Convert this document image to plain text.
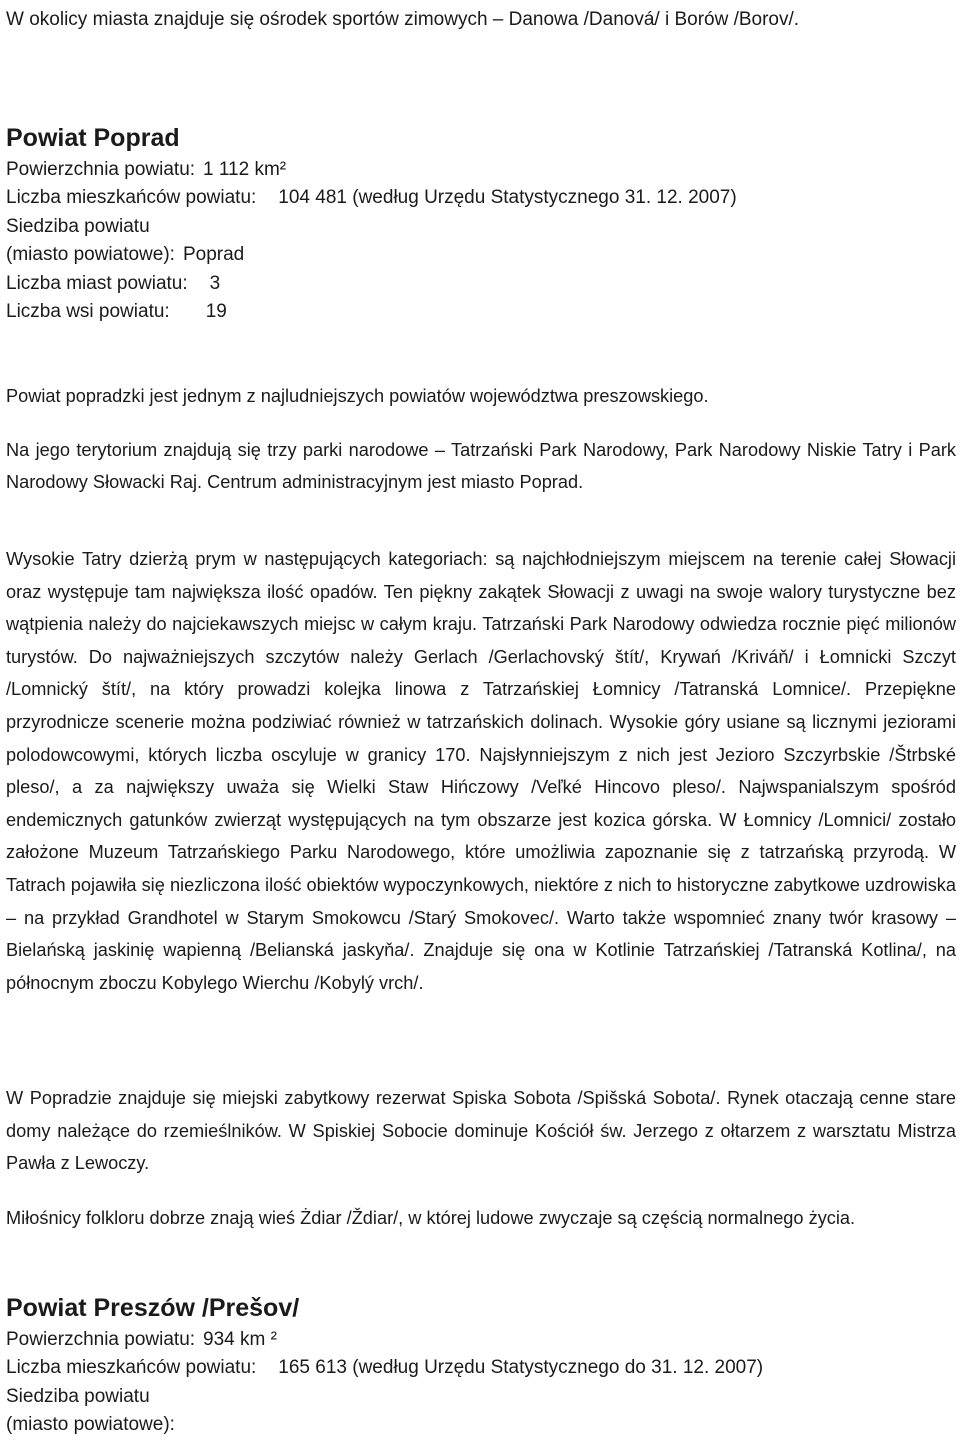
W okolicy miasta znajduje się ośrodek sportów zimowych – Danowa /Danová/ i Borów /Borov/.
Powiat Poprad
Powierzchnia powiatu: 1 112 km²
Liczba mieszkańców powiatu: 104 481 (według Urzędu Statystycznego 31. 12. 2007)
Siedziba powiatu
(miasto powiatowe): Poprad
Liczba miast powiatu: 3
Liczba wsi powiatu: 19
Powiat popradzki jest jednym z najludniejszych powiatów województwa preszowskiego.
Na jego terytorium znajdują się trzy parki narodowe – Tatrzański Park Narodowy, Park Narodowy Niskie Tatry i Park Narodowy Słowacki Raj. Centrum administracyjnym jest miasto Poprad.
Wysokie Tatry dzierżą prym w następujących kategoriach: są najchłodniejszym miejscem na terenie całej Słowacji oraz występuje tam największa ilość opadów. Ten piękny zakątek Słowacji z uwagi na swoje walory turystyczne bez wątpienia należy do najciekawszych miejsc w całym kraju. Tatrzański Park Narodowy odwiedza rocznie pięć milionów turystów. Do najważniejszych szczytów należy Gerlach /Gerlachovský štít/, Krywań /Kriváň/ i Łomnicki Szczyt /Lomnický štít/, na który prowadzi kolejka linowa z Tatrzańskiej Łomnicy /Tatranská Lomnice/. Przepiękne przyrodnicze scenerie można podziwiać również w tatrzańskich dolinach. Wysokie góry usiane są licznymi jeziorami polodowcowymi, których liczba oscyluje w granicy 170. Najsłynniejszym z nich jest Jezioro Szczyrbskie /Štrbské pleso/, a za największy uważa się Wielki Staw Hińczowy /Veľké Hincovo pleso/. Najwspanialszym spośród endemicznych gatunków zwierząt występujących na tym obszarze jest kozica górska. W Łomnicy /Lomnici/ zostało założone Muzeum Tatrzańskiego Parku Narodowego, które umożliwia zapoznanie się z tatrzańską przyrodą. W Tatrach pojawiła się niezliczona ilość obiektów wypoczynkowych, niektóre z nich to historyczne zabytkowe uzdrowiska – na przykład Grandhotel w Starym Smokowcu /Starý Smokovec/. Warto także wspomnieć znany twór krasowy – Bielańską jaskinię wapienną /Belianská jaskyňa/. Znajduje się ona w Kotlinie Tatrzańskiej /Tatranská Kotlina/, na północnym zboczu Kobylego Wierchu /Kobylý vrch/.
W Popradzie znajduje się miejski zabytkowy rezerwat Spiska Sobota /Spišská Sobota/. Rynek otaczają cenne stare domy należące do rzemieślników. W Spiskiej Sobocie dominuje Kościół św. Jerzego z ołtarzem z warsztatu Mistrza Pawła z Lewoczy.
Miłośnicy folkloru dobrze znają wieś Żdiar /Ždiar/, w której ludowe zwyczaje są częścią normalnego życia.
Powiat Preszów /Prešov/
Powierzchnia powiatu: 934 km ²
Liczba mieszkańców powiatu: 165 613 (według Urzędu Statystycznego do 31. 12. 2007)
Siedziba powiatu
(miasto powiatowe):
